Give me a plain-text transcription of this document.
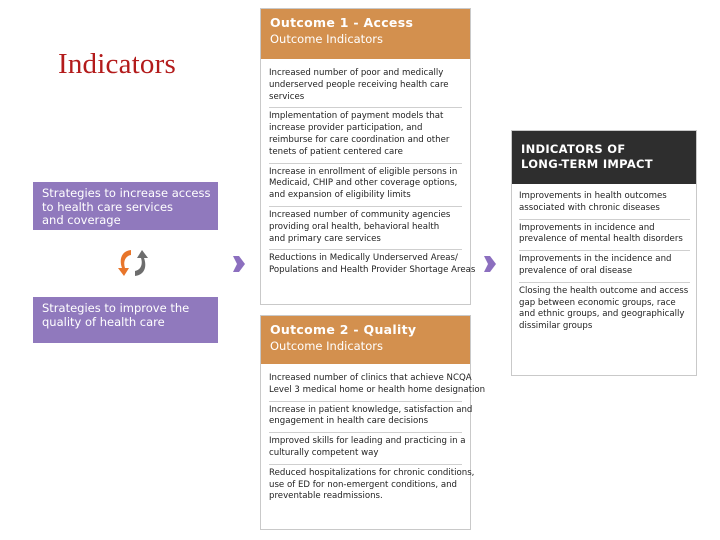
Indicators
Strategies to increase access
to health care services
and coverage
Strategies to improve the
quality of health care
Outcome 1 - Access
Outcome Indicators
Increased number of poor and medically
underserved people receiving health care
services
Implementation of payment models that
increase provider participation, and
reimburse for care coordination and other
tenets of patient centered care
Increase in enrollment of eligible persons in
Medicaid, CHIP and other coverage options,
and expansion of eligibility limits
Increased number of community agencies
providing oral health, behavioral health
and primary care services
Reductions in Medically Underserved Areas/
Populations and Health Provider Shortage Areas
Outcome 2 - Quality
Outcome Indicators
Increased number of clinics that achieve NCQA
Level 3 medical home or health home designation
Increase in patient knowledge, satisfaction and
engagement in health care decisions
Improved skills for leading and practicing in a
culturally competent way
Reduced hospitalizations for chronic conditions,
use of ED for non-emergent conditions, and
preventable readmissions.
INDICATORS OF
LONG-TERM IMPACT
Improvements in health outcomes
associated with chronic diseases
Improvements in incidence and
prevalence of mental health disorders
Improvements in the incidence and
prevalence of oral disease
Closing the health outcome and access
gap between economic groups, race
and ethnic groups, and geographically
dissimilar groups
